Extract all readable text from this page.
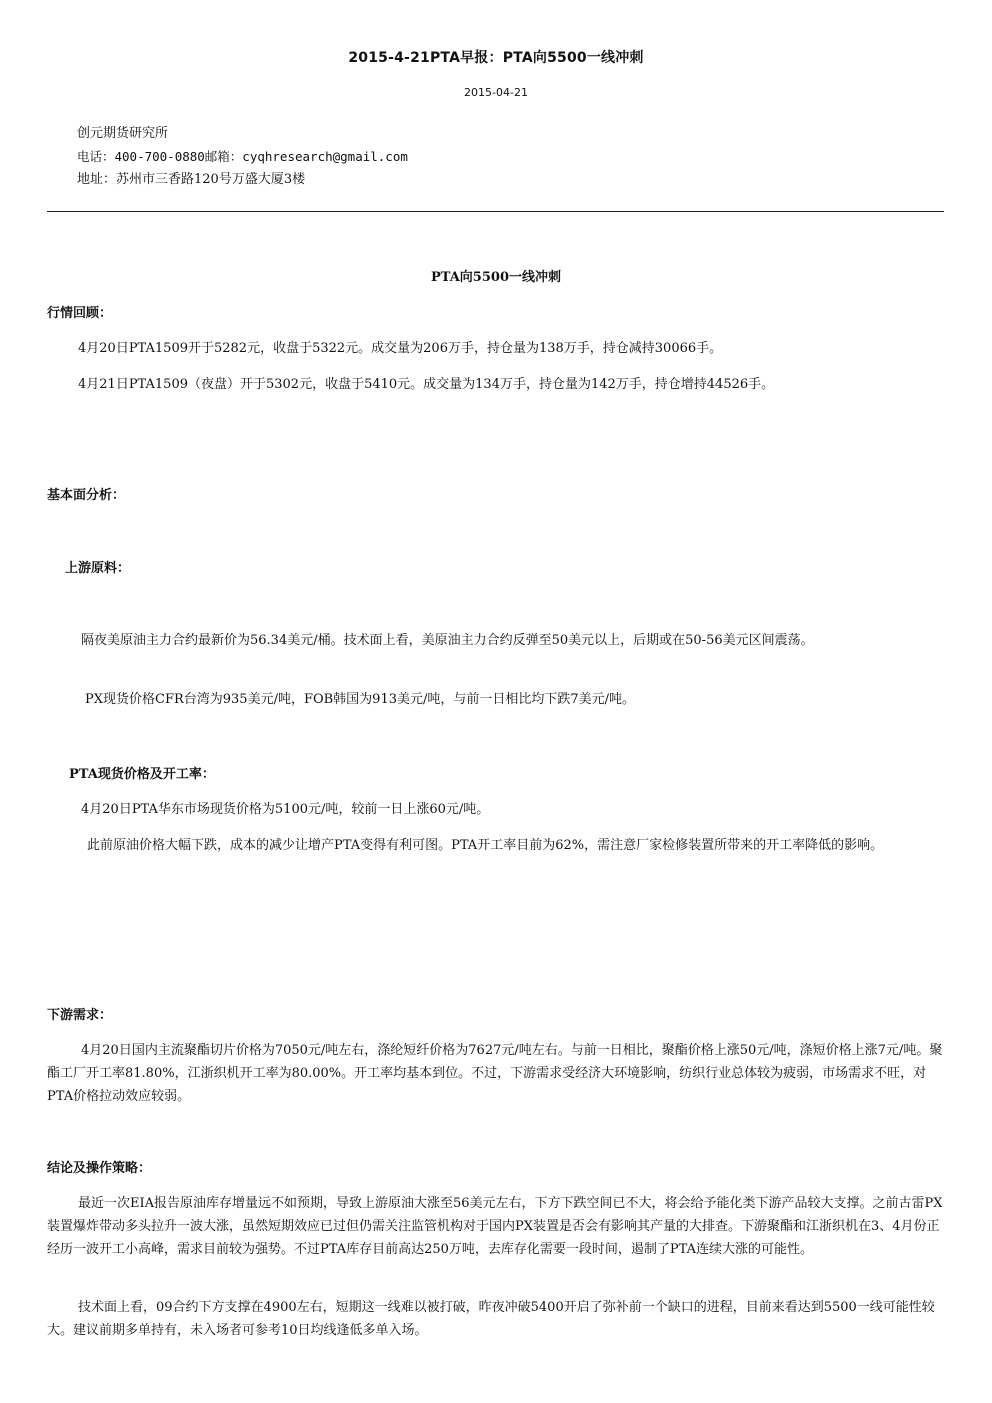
2015-4-21PTA早报：PTA向5500一线冲刺
2015-04-21
创元期货研究所
电话：400-700-0880邮箱：cyqhresearch@gmail.com
地址：苏州市三香路120号万盛大厦3楼
PTA向5500一线冲刺
行情回顾：
4月20日PTA1509开于5282元，收盘于5322元。成交量为206万手，持仓量为138万手，持仓减持30066手。
4月21日PTA1509（夜盘）开于5302元，收盘于5410元。成交量为134万手，持仓量为142万手，持仓增持44526手。
基本面分析：
上游原料：
隔夜美原油主力合约最新价为56.34美元/桶。技术面上看，美原油主力合约反弹至50美元以上，后期或在50-56美元区间震荡。
PX现货价格CFR台湾为935美元/吨，FOB韩国为913美元/吨，与前一日相比均下跌7美元/吨。
PTA现货价格及开工率：
4月20日PTA华东市场现货价格为5100元/吨，较前一日上涨60元/吨。
此前原油价格大幅下跌，成本的减少让增产PTA变得有利可图。PTA开工率目前为62%，需注意厂家检修装置所带来的开工率降低的影响。
下游需求：
4月20日国内主流聚酯切片价格为7050元/吨左右，涤纶短纤价格为7627元/吨左右。与前一日相比，聚酯价格上涨50元/吨，涤短价格上涨7元/吨。聚酯工厂开工率81.80%，江浙织机开工率为80.00%。开工率均基本到位。不过，下游需求受经济大环境影响，纺织行业总体较为疲弱，市场需求不旺，对PTA价格拉动效应较弱。
结论及操作策略：
最近一次EIA报告原油库存增量远不如预期，导致上游原油大涨至56美元左右，下方下跌空间已不大，将会给予能化类下游产品较大支撑。之前古雷PX装置爆炸带动多头拉升一波大涨，虽然短期效应已过但仍需关注监管机构对于国内PX装置是否会有影响其产量的大排查。下游聚酯和江浙织机在3、4月份正经历一波开工小高峰，需求目前较为强势。不过PTA库存目前高达250万吨，去库存化需要一段时间，遏制了PTA连续大涨的可能性。
技术面上看，09合约下方支撑在4900左右，短期这一线难以被打破，昨夜冲破5400开启了弥补前一个缺口的进程，目前来看达到5500一线可能性较大。建议前期多单持有，未入场者可参考10日均线逢低多单入场。
